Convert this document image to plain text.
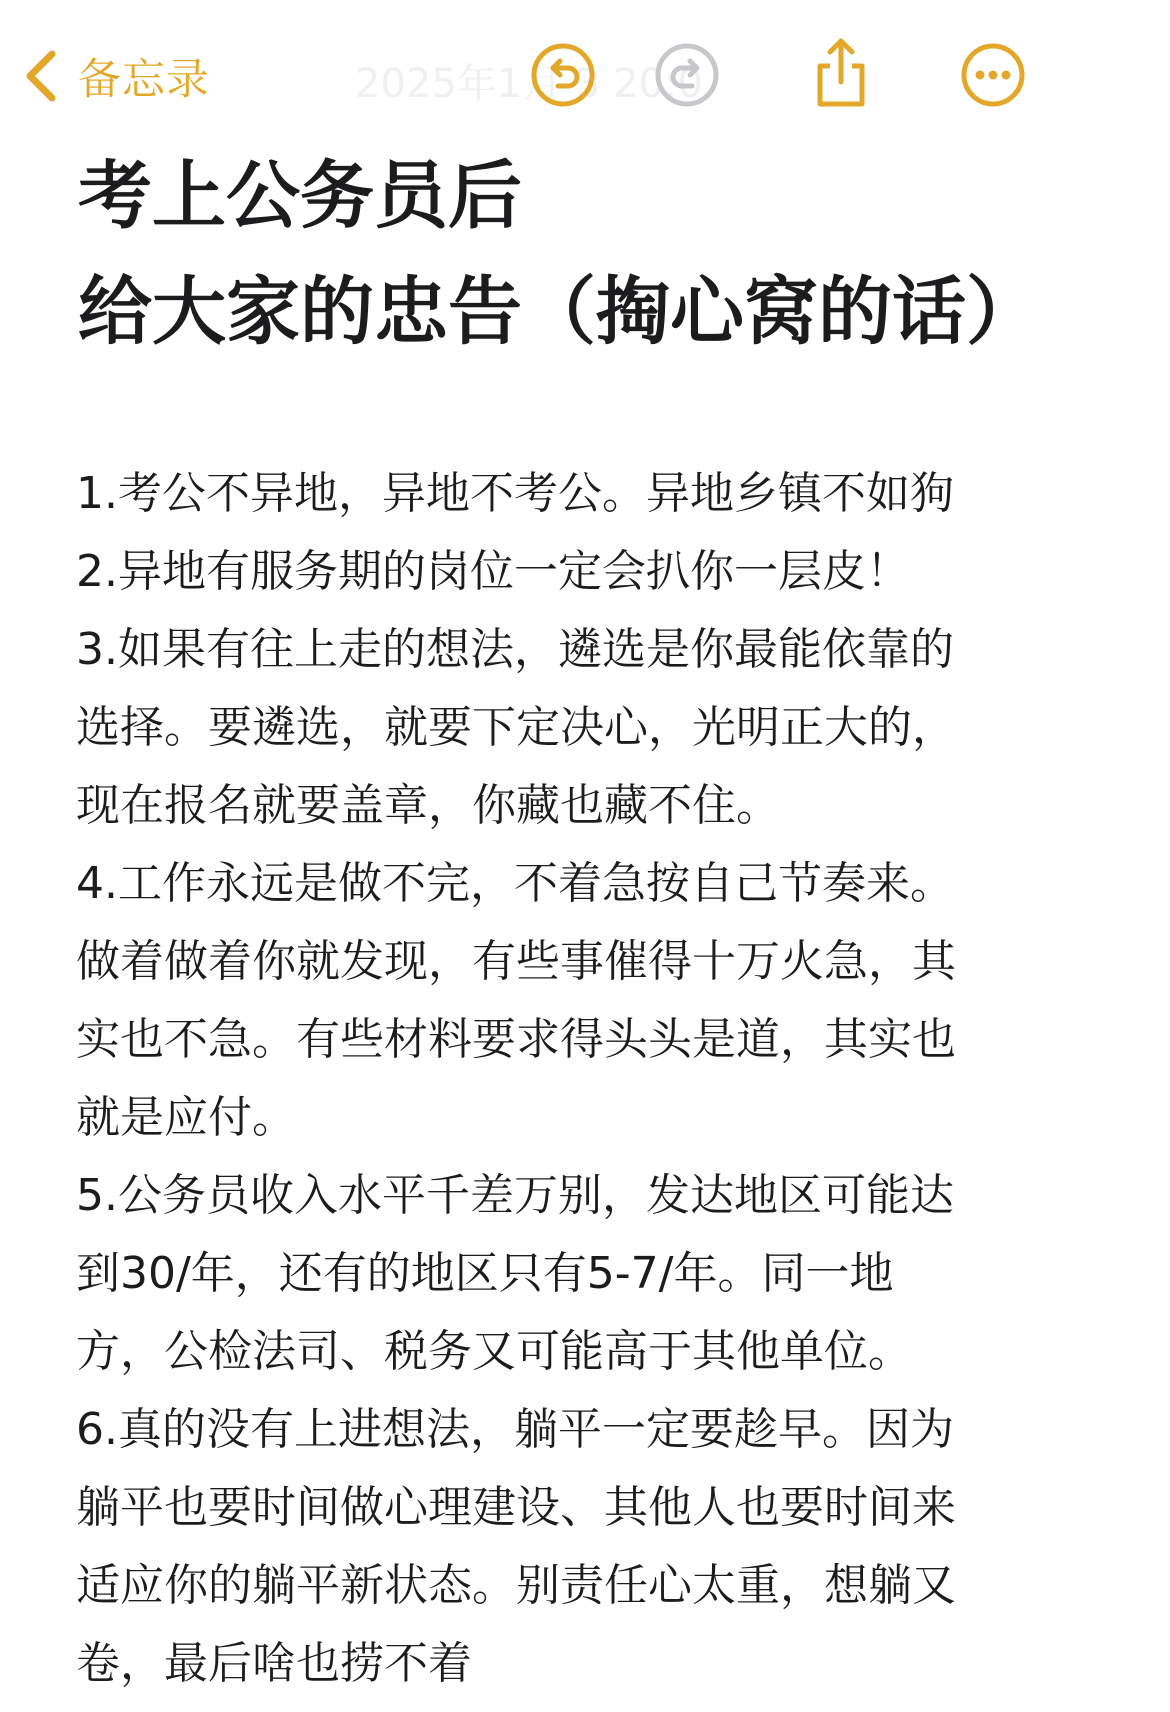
备忘录	2025年1月 3 20:0
考上公务员后
给大家的忠告（掏心窝的话）
1.考公不异地，异地不考公。异地乡镇不如狗
2.异地有服务期的岗位一定会扒你一层皮！
3.如果有往上走的想法，遴选是你最能依靠的
选择。要遴选，就要下定决心，光明正大的，
现在报名就要盖章，你藏也藏不住。
4.工作永远是做不完，不着急按自己节奏来。
做着做着你就发现，有些事催得十万火急，其
实也不急。有些材料要求得头头是道，其实也
就是应付。
5.公务员收入水平千差万别，发达地区可能达
到30/年，还有的地区只有5-7/年。同一地
方，公检法司、税务又可能高于其他单位。
6.真的没有上进想法，躺平一定要趁早。因为
躺平也要时间做心理建设、其他人也要时间来
适应你的躺平新状态。别责任心太重，想躺又
卷，最后啥也捞不着
